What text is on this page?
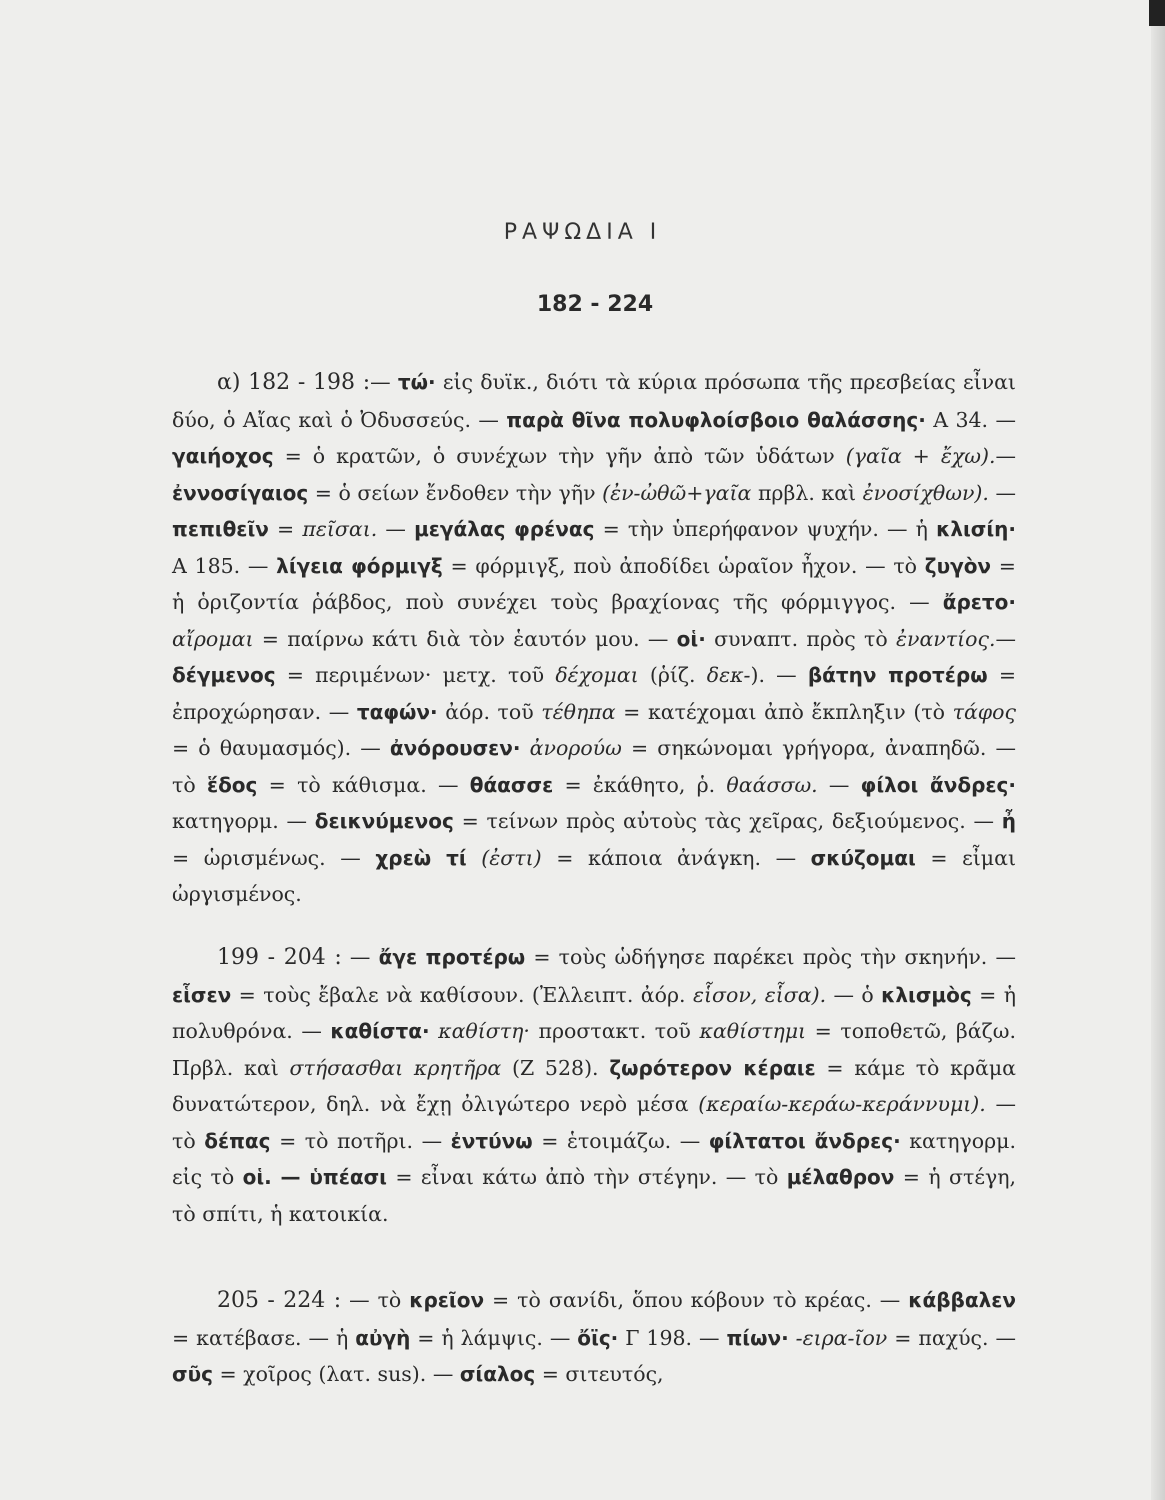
ΡΑΨΩΔΙΑ Ι
182 - 224
α) 182 - 198 :— τώ· εἰς δυϊκ., διότι τὰ κύρια πρόσωπα τῆς πρεσβείας εἶναι δύο, ὁ Αἴας καὶ ὁ Ὀδυσσεύς. — παρὰ θῖνα πολυφλοίσβοιο θαλάσσης· Α 34. — γαιήοχος = ὁ κρατῶν, ὁ συνέχων τὴν γῆν ἀπὸ τῶν ὑδάτων (γαῖα + ἔχω).— ἐννοσίγαιος = ὁ σείων ἔνδοθεν τὴν γῆν (ἐν-ὠθῶ+γαῖα πρβλ. καὶ ἐνοσίχθων). — πεπιθεῖν = πεῖσαι. — μεγάλας φρένας = τὴν ὑπερήφανον ψυχήν. — ἡ κλισίη· Α 185. — λίγεια φόρμιγξ = φόρμιγξ, ποὺ ἀποδίδει ὡραῖον ἦχον. — τὸ ζυγὸν = ἡ ὁριζοντία ῥάβδος, ποὺ συνέχει τοὺς βραχίονας τῆς φόρμιγγος. — ἄρετο· αἴρομαι = παίρνω κάτι διὰ τὸν ἑαυτόν μου. — οἱ· συναπτ. πρὸς τὸ ἐναντίος.— δέγμενος = περιμένων· μετχ. τοῦ δέχομαι (ῥίζ. δεκ-). — βάτην προτέρω = ἐπροχώρησαν. — ταφών· ἀόρ. τοῦ τέθηπα = κατέχομαι ἀπὸ ἔκπληξιν (τὸ τάφος = ὁ θαυμασμός). — ἀνόρουσεν· ἀνορούω = σηκώνομαι γρήγορα, ἀναπηδῶ. — τὸ ἕδος = τὸ κάθισμα. — θάασσε = ἐκάθητο, ῥ. θαάσσω. — φίλοι ἄνδρες· κατηγορμ. — δεικνύμενος = τείνων πρὸς αὐτοὺς τὰς χεῖρας, δεξιούμενος. — ἦ = ὡρισμένως. — χρεὼ τί (ἐστι) = κάποια ἀνάγκη. — σκύζομαι = εἶμαι ὠργισμένος.
199 - 204 : — ἄγε προτέρω = τοὺς ὡδήγησε παρέκει πρὸς τὴν σκηνήν. — εἷσεν = τοὺς ἔβαλε νὰ καθίσουν. (Ἐλλειπτ. ἀόρ. εἷσον, εἷσα). — ὁ κλισμὸς = ἡ πολυθρόνα. — καθίστα· καθίστη· προστακτ. τοῦ καθίστημι = τοποθετῶ, βάζω. Πρβλ. καὶ στήσασθαι κρητῆρα (Ζ 528). ζωρότερον κέραιε = κάμε τὸ κρᾶμα δυνατώτερον, δηλ. νὰ ἔχῃ ὀλιγώτερο νερὸ μέσα (κεραίω-κεράω-κεράννυμι). — τὸ δέπας = τὸ ποτῆρι. — ἐντύνω = ἑτοιμάζω. — φίλτατοι ἄνδρες· κατηγορμ. εἰς τὸ οἱ. — ὑπέασι = εἶναι κάτω ἀπὸ τὴν στέγην. — τὸ μέλαθρον = ἡ στέγη, τὸ σπίτι, ἡ κατοικία.
205 - 224 : — τὸ κρεῖον = τὸ σανίδι, ὅπου κόβουν τὸ κρέας. — κάββαλεν = κατέβασε. — ἡ αὐγὴ = ἡ λάμψις. — ὄϊς· Γ 198. — πίων· -ειρα-ῖον = παχύς. — σῦς = χοῖρος (λατ. sus). — σίαλος = σιτευτός,
